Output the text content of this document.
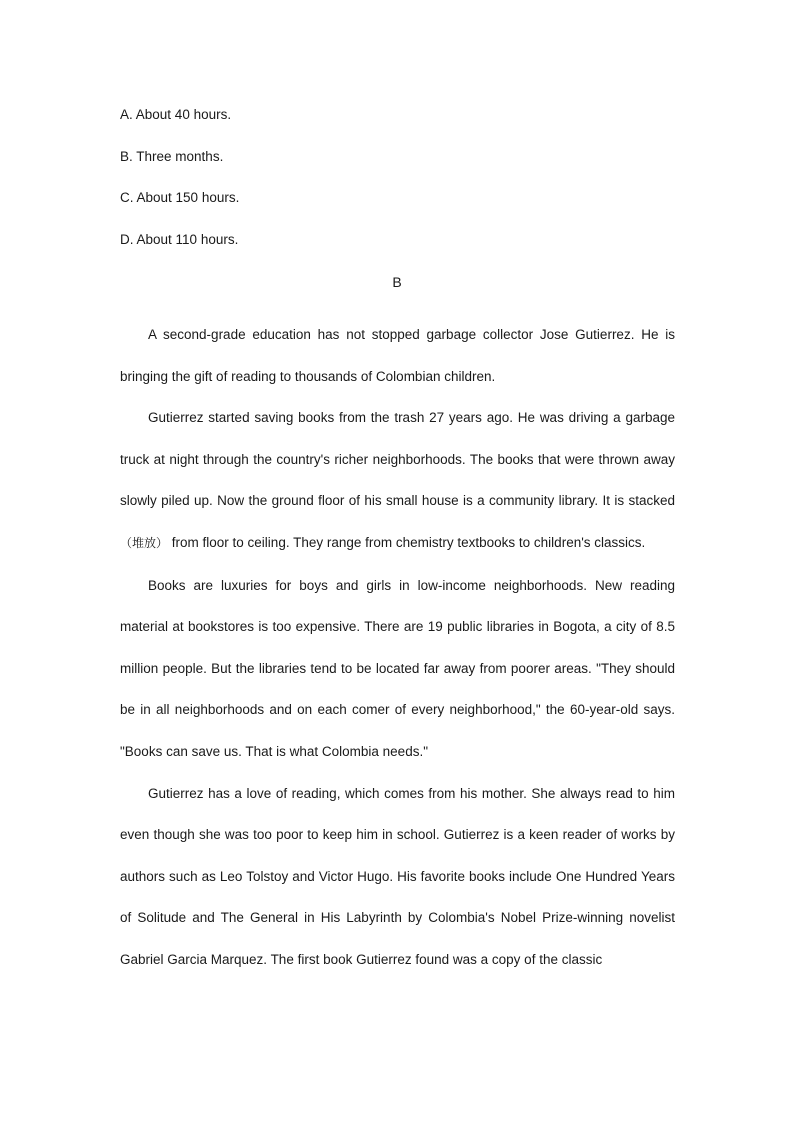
A. About 40 hours.
B. Three months.
C. About 150 hours.
D. About 110 hours.
B

A second-grade education has not stopped garbage collector Jose Gutierrez. He is bringing the gift of reading to thousands of Colombian children.

Gutierrez started saving books from the trash 27 years ago. He was driving a garbage truck at night through the country's richer neighborhoods. The books that were thrown away slowly piled up. Now the ground floor of his small house is a community library. It is stacked （堆放） from floor to ceiling. They range from chemistry textbooks to children's classics.

Books are luxuries for boys and girls in low-income neighborhoods. New reading material at bookstores is too expensive. There are 19 public libraries in Bogota, a city of 8.5 million people. But the libraries tend to be located far away from poorer areas. "They should be in all neighborhoods and on each comer of every neighborhood," the 60-year-old says. "Books can save us. That is what Colombia needs."

Gutierrez has a love of reading, which comes from his mother. She always read to him even though she was too poor to keep him in school. Gutierrez is a keen reader of works by authors such as Leo Tolstoy and Victor Hugo. His favorite books include One Hundred Years of Solitude and The General in His Labyrinth by Colombia's Nobel Prize-winning novelist Gabriel Garcia Marquez. The first book Gutierrez found was a copy of the classic
